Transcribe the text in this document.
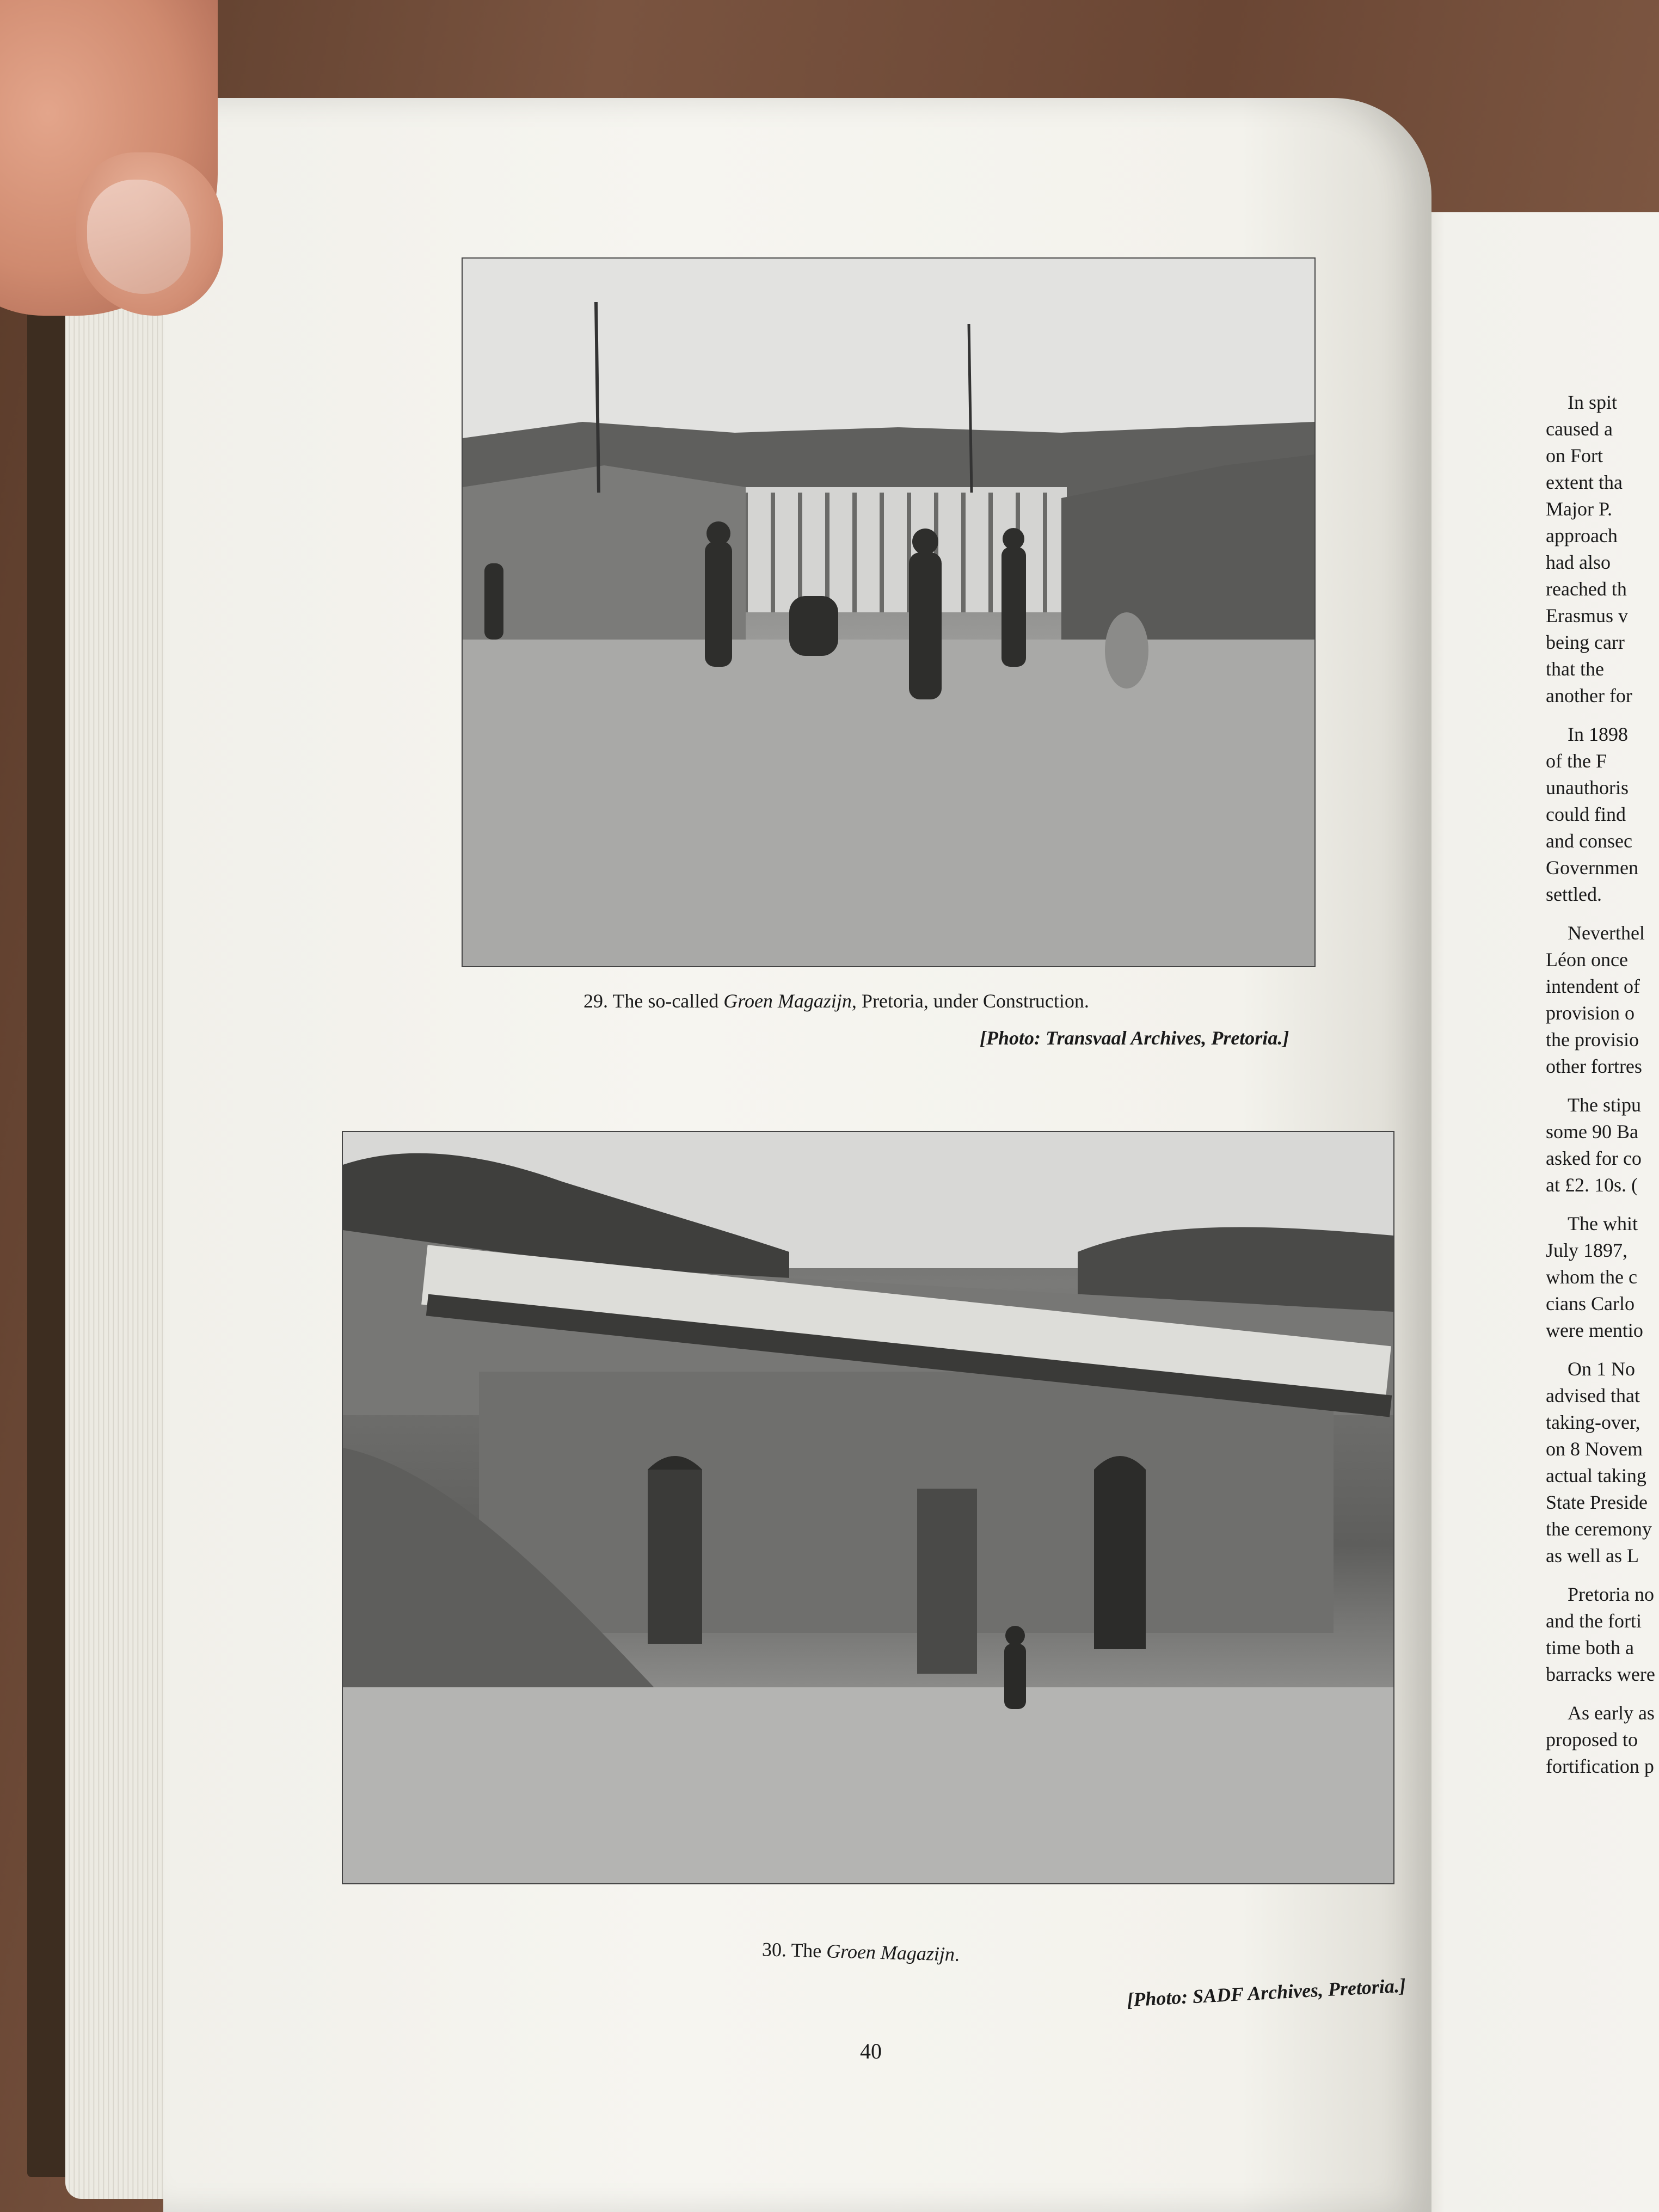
29. The so-called Groen Magazijn, Pretoria, under Construction.
[Photo: Transvaal Archives, Pretoria.]
30. The Groen Magazijn.
[Photo: SADF Archives, Pretoria.]
40

In spit
caused a
on Fort
extent tha
Major P.
approach
had also
reached th
Erasmus v
being carr
that the
another for

In 1898
of the F
unauthoris
could find
and consec
Governmen
settled.

Neverthel
Léon once
intendent of
provision o
the provisio
other fortres

The stipu
some 90 Ba
asked for co
at £2. 10s. (

The whit
July 1897,
whom the c
cians Carlo
were mentio

On 1 No
advised that
taking-over,
on 8 Novem
actual taking
State Preside
the ceremony
as well as L

Pretoria no
and the forti
time both a
barracks were

As early as
proposed to
fortification p
